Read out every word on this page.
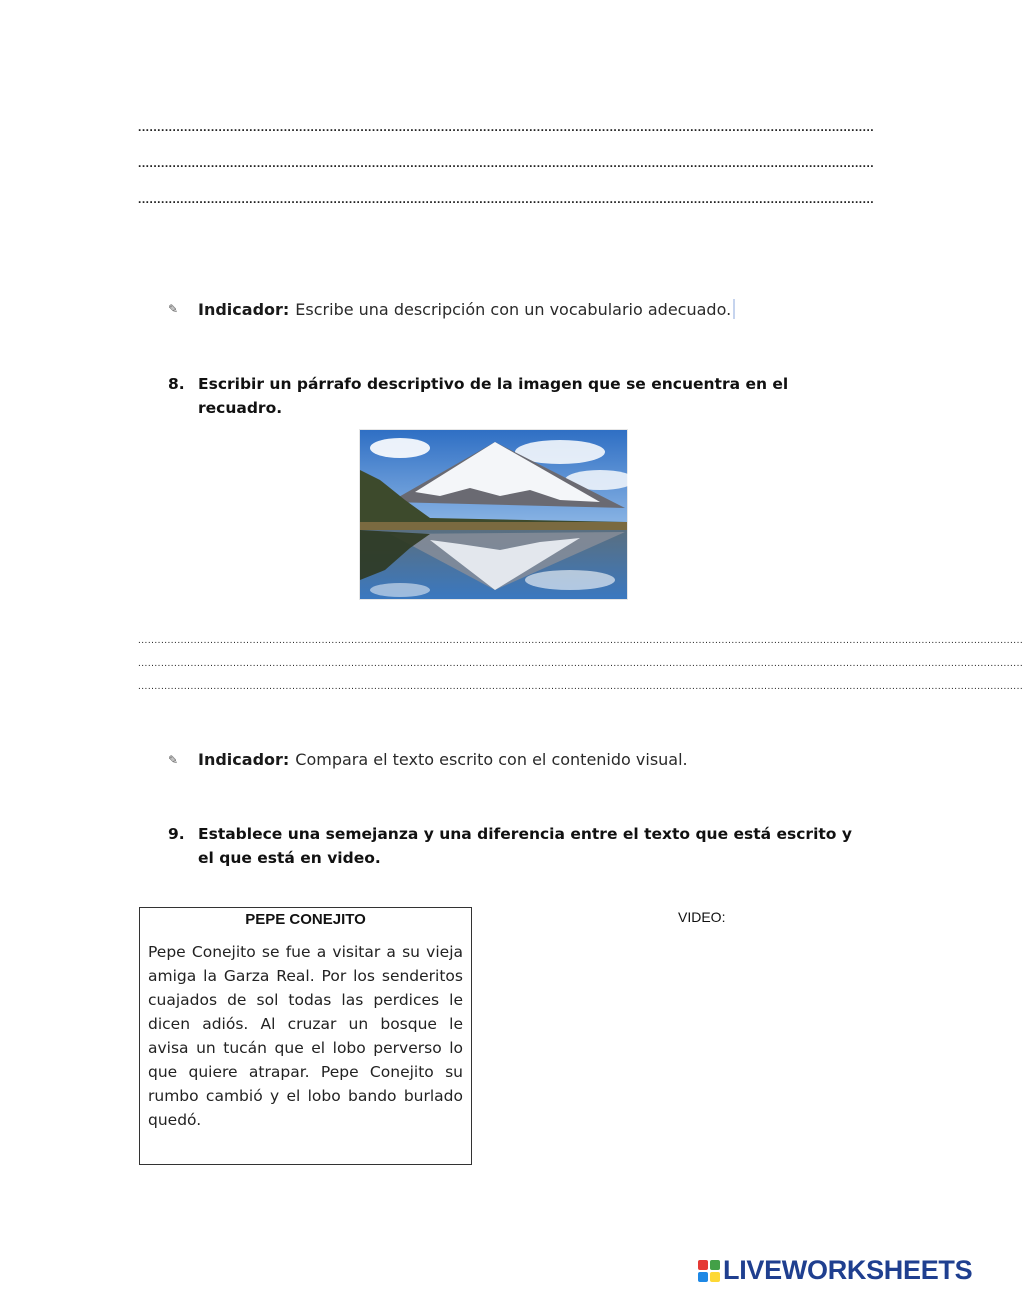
................................................................................................................................................................................................
................................................................................................................................................................................................
................................................................................................................................................................................................
✎	Indicador: Escribe una descripción con un vocabulario adecuado.
8. Escribir un párrafo descriptivo de la imagen que se encuentra en el recuadro.
..............................................................................................................................................................................................................................................................................
..............................................................................................................................................................................................................................................................................
..............................................................................................................................................................................................................................................................................
✎	Indicador: Compara el texto escrito con el contenido visual.
9. Establece una semejanza y una diferencia entre el texto que está escrito y el que está en video.
PEPE CONEJITO
Pepe Conejito se fue a visitar a su vieja amiga la Garza Real. Por los senderitos cuajados de sol todas las perdices le dicen adiós. Al cruzar un bosque le avisa un tucán que el lobo perverso lo que quiere atrapar. Pepe Conejito su rumbo cambió y el lobo bando burlado quedó.
VIDEO:
LIVEWORKSHEETS
